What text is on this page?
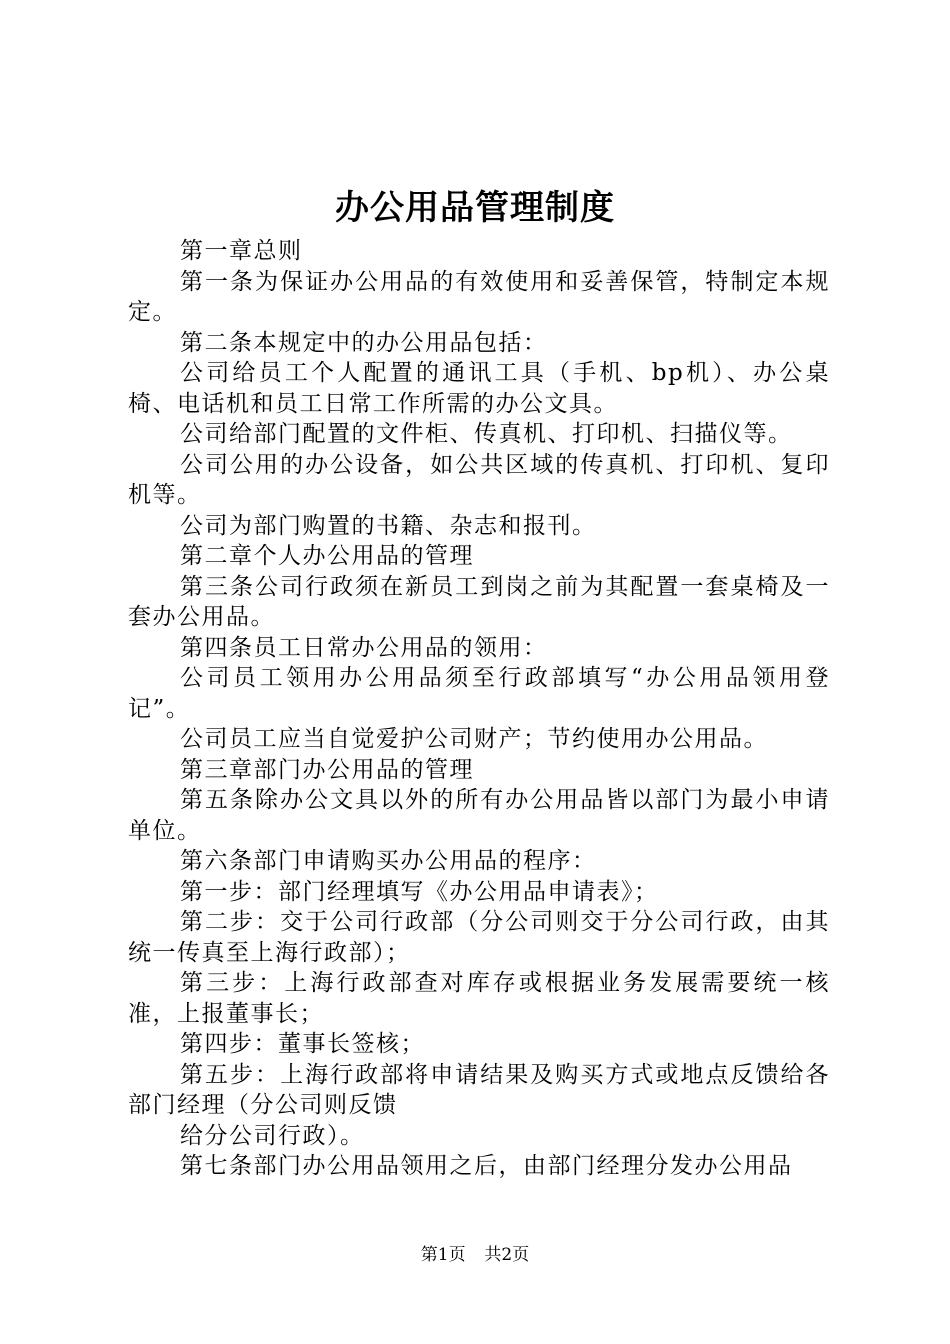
办公用品管理制度

第一章总则

第一条为保证办公用品的有效使用和妥善保管，特制定本规定。

第二条本规定中的办公用品包括：

公司给员工个人配置的通讯工具（手机、bp机）、办公桌椅、电话机和员工日常工作所需的办公文具。

公司给部门配置的文件柜、传真机、打印机、扫描仪等。

公司公用的办公设备，如公共区域的传真机、打印机、复印机等。

公司为部门购置的书籍、杂志和报刊。

第二章个人办公用品的管理

第三条公司行政须在新员工到岗之前为其配置一套桌椅及一套办公用品。

第四条员工日常办公用品的领用：

公司员工领用办公用品须至行政部填写“办公用品领用登记”。

公司员工应当自觉爱护公司财产；节约使用办公用品。

第三章部门办公用品的管理

第五条除办公文具以外的所有办公用品皆以部门为最小申请单位。

第六条部门申请购买办公用品的程序：

第一步：部门经理填写《办公用品申请表》；

第二步：交于公司行政部（分公司则交于分公司行政，由其统一传真至上海行政部）；

第三步：上海行政部查对库存或根据业务发展需要统一核准，上报董事长；

第四步：董事长签核；

第五步：上海行政部将申请结果及购买方式或地点反馈给各部门经理（分公司则反馈

给分公司行政）。

第七条部门办公用品领用之后，由部门经理分发办公用品

第1页 共2页
